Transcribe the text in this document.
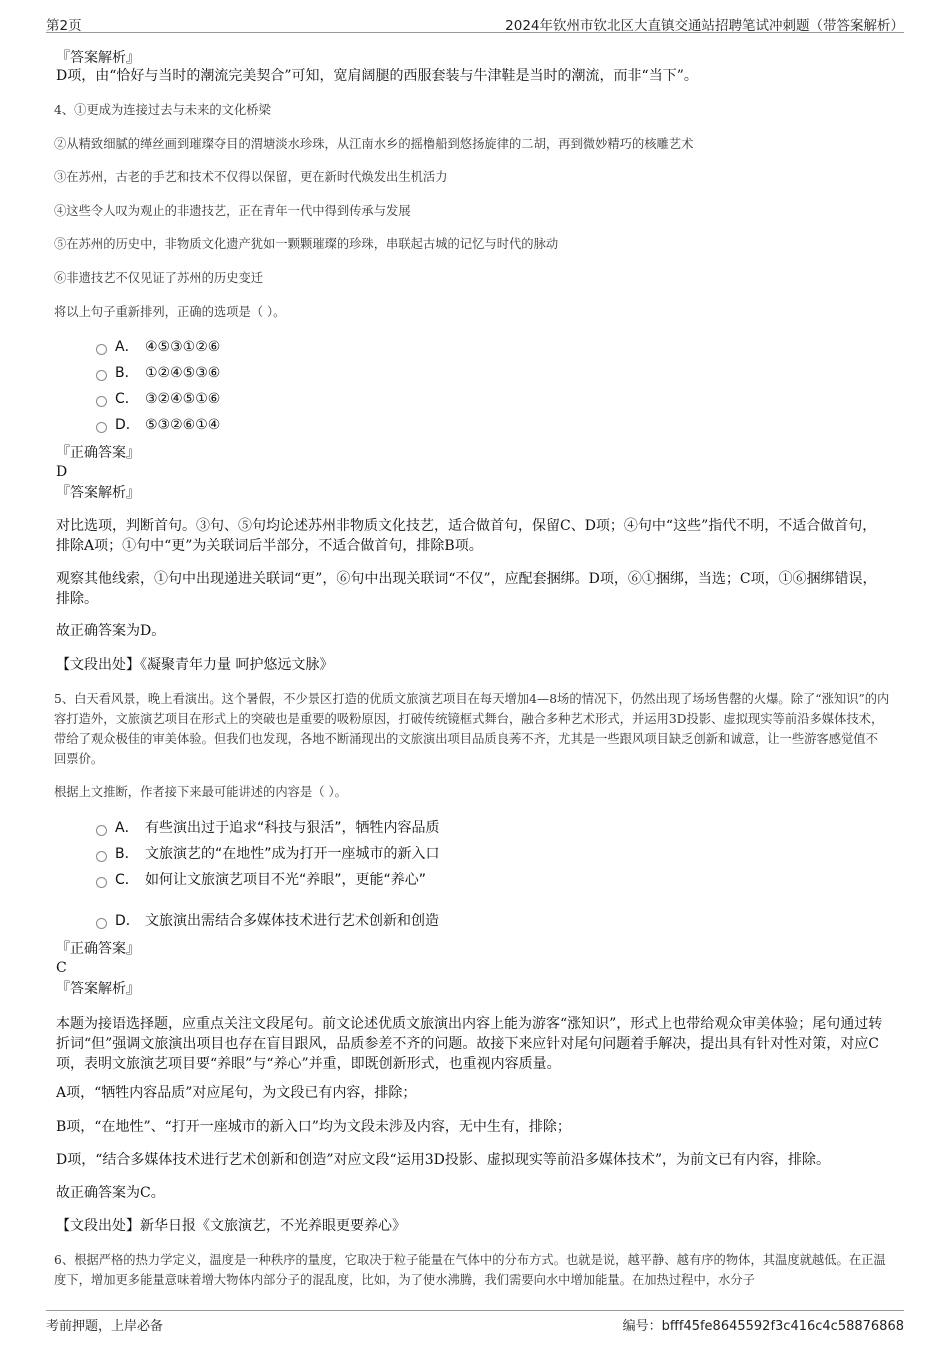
第2页	2024年钦州市钦北区大直镇交通站招聘笔试冲刺题（带答案解析）
『答案解析』
D项，由“恰好与当时的潮流完美契合”可知，宽肩阔腿的西服套装与牛津鞋是当时的潮流，而非“当下”。
4、①更成为连接过去与未来的文化桥梁
②从精致细腻的缂丝画到璀璨夺目的渭塘淡水珍珠，从江南水乡的摇橹船到悠扬旋律的二胡，再到微妙精巧的核雕艺术
③在苏州，古老的手艺和技术不仅得以保留，更在新时代焕发出生机活力
④这些令人叹为观止的非遗技艺，正在青年一代中得到传承与发展
⑤在苏州的历史中，非物质文化遗产犹如一颗颗璀璨的珍珠，串联起古城的记忆与时代的脉动
⑥非遗技艺不仅见证了苏州的历史变迁
将以上句子重新排列，正确的选项是（ ）。
A． ④⑤③①②⑥
B． ①②④⑤③⑥
C． ③②④⑤①⑥
D． ⑤③②⑥①④
『正确答案』
D
『答案解析』
对比选项，判断首句。③句、⑤句均论述苏州非物质文化技艺，适合做首句，保留C、D项；④句中“这些”指代不明，不适合做首句，排除A项；①句中“更”为关联词后半部分，不适合做首句，排除B项。
观察其他线索，①句中出现递进关联词“更”，⑥句中出现关联词“不仅”，应配套捆绑。D项，⑥①捆绑，当选；C项，①⑥捆绑错误，排除。
故正确答案为D。
【文段出处】《凝聚青年力量 呵护悠远文脉》
5、白天看风景，晚上看演出。这个暑假，不少景区打造的优质文旅演艺项目在每天增加4—8场的情况下，仍然出现了场场售罄的火爆。除了“涨知识”的内容打造外，文旅演艺项目在形式上的突破也是重要的吸粉原因，打破传统镜框式舞台，融合多种艺术形式，并运用3D投影、虚拟现实等前沿多媒体技术，带给了观众极佳的审美体验。但我们也发现，各地不断涌现出的文旅演出项目品质良莠不齐，尤其是一些跟风项目缺乏创新和诚意，让一些游客感觉值不回票价。
根据上文推断，作者接下来最可能讲述的内容是（ ）。
A． 有些演出过于追求“科技与狠活”，牺牲内容品质
B． 文旅演艺的“在地性”成为打开一座城市的新入口
C． 如何让文旅演艺项目不光“养眼”，更能“养心”
D． 文旅演出需结合多媒体技术进行艺术创新和创造
『正确答案』
C
『答案解析』
本题为接语选择题，应重点关注文段尾句。前文论述优质文旅演出内容上能为游客“涨知识”，形式上也带给观众审美体验；尾句通过转折词“但”强调文旅演出项目也存在盲目跟风，品质参差不齐的问题。故接下来应针对尾句问题着手解决，提出具有针对性对策，对应C项，表明文旅演艺项目要“养眼”与“养心”并重，即既创新形式，也重视内容质量。
A项，“牺牲内容品质”对应尾句，为文段已有内容，排除；
B项，“在地性”、“打开一座城市的新入口”均为文段未涉及内容，无中生有，排除；
D项，“结合多媒体技术进行艺术创新和创造”对应文段“运用3D投影、虚拟现实等前沿多媒体技术”，为前文已有内容，排除。
故正确答案为C。
【文段出处】新华日报《文旅演艺，不光养眼更要养心》
6、根据严格的热力学定义，温度是一种秩序的量度，它取决于粒子能量在气体中的分布方式。也就是说，越平静、越有序的物体，其温度就越低。在正温度下，增加更多能量意味着增大物体内部分子的混乱度，比如，为了使水沸腾，我们需要向水中增加能量。在加热过程中，水分子
考前押题，上岸必备	编号：bfff45fe8645592f3c416c4c58876868
